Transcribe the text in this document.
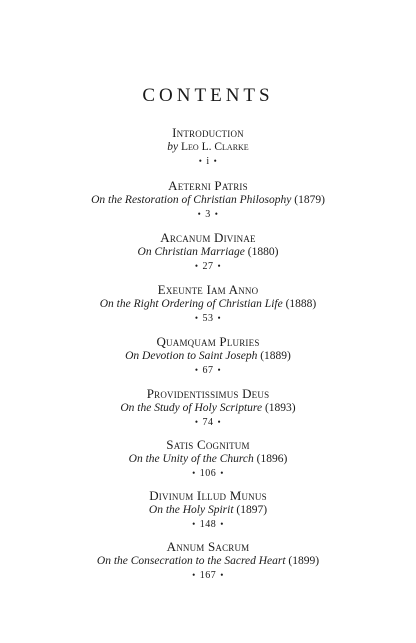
CONTENTS
Introduction
by Leo L. Clarke
• i •
Aeterni Patris
On the Restoration of Christian Philosophy (1879)
• 3 •
Arcanum Divinae
On Christian Marriage (1880)
• 27 •
Exeunte Iam Anno
On the Right Ordering of Christian Life (1888)
• 53 •
Quamquam Pluries
On Devotion to Saint Joseph (1889)
• 67 •
Providentissimus Deus
On the Study of Holy Scripture (1893)
• 74 •
Satis Cognitum
On the Unity of the Church (1896)
• 106 •
Divinum Illud Munus
On the Holy Spirit (1897)
• 148 •
Annum Sacrum
On the Consecration to the Sacred Heart (1899)
• 167 •
